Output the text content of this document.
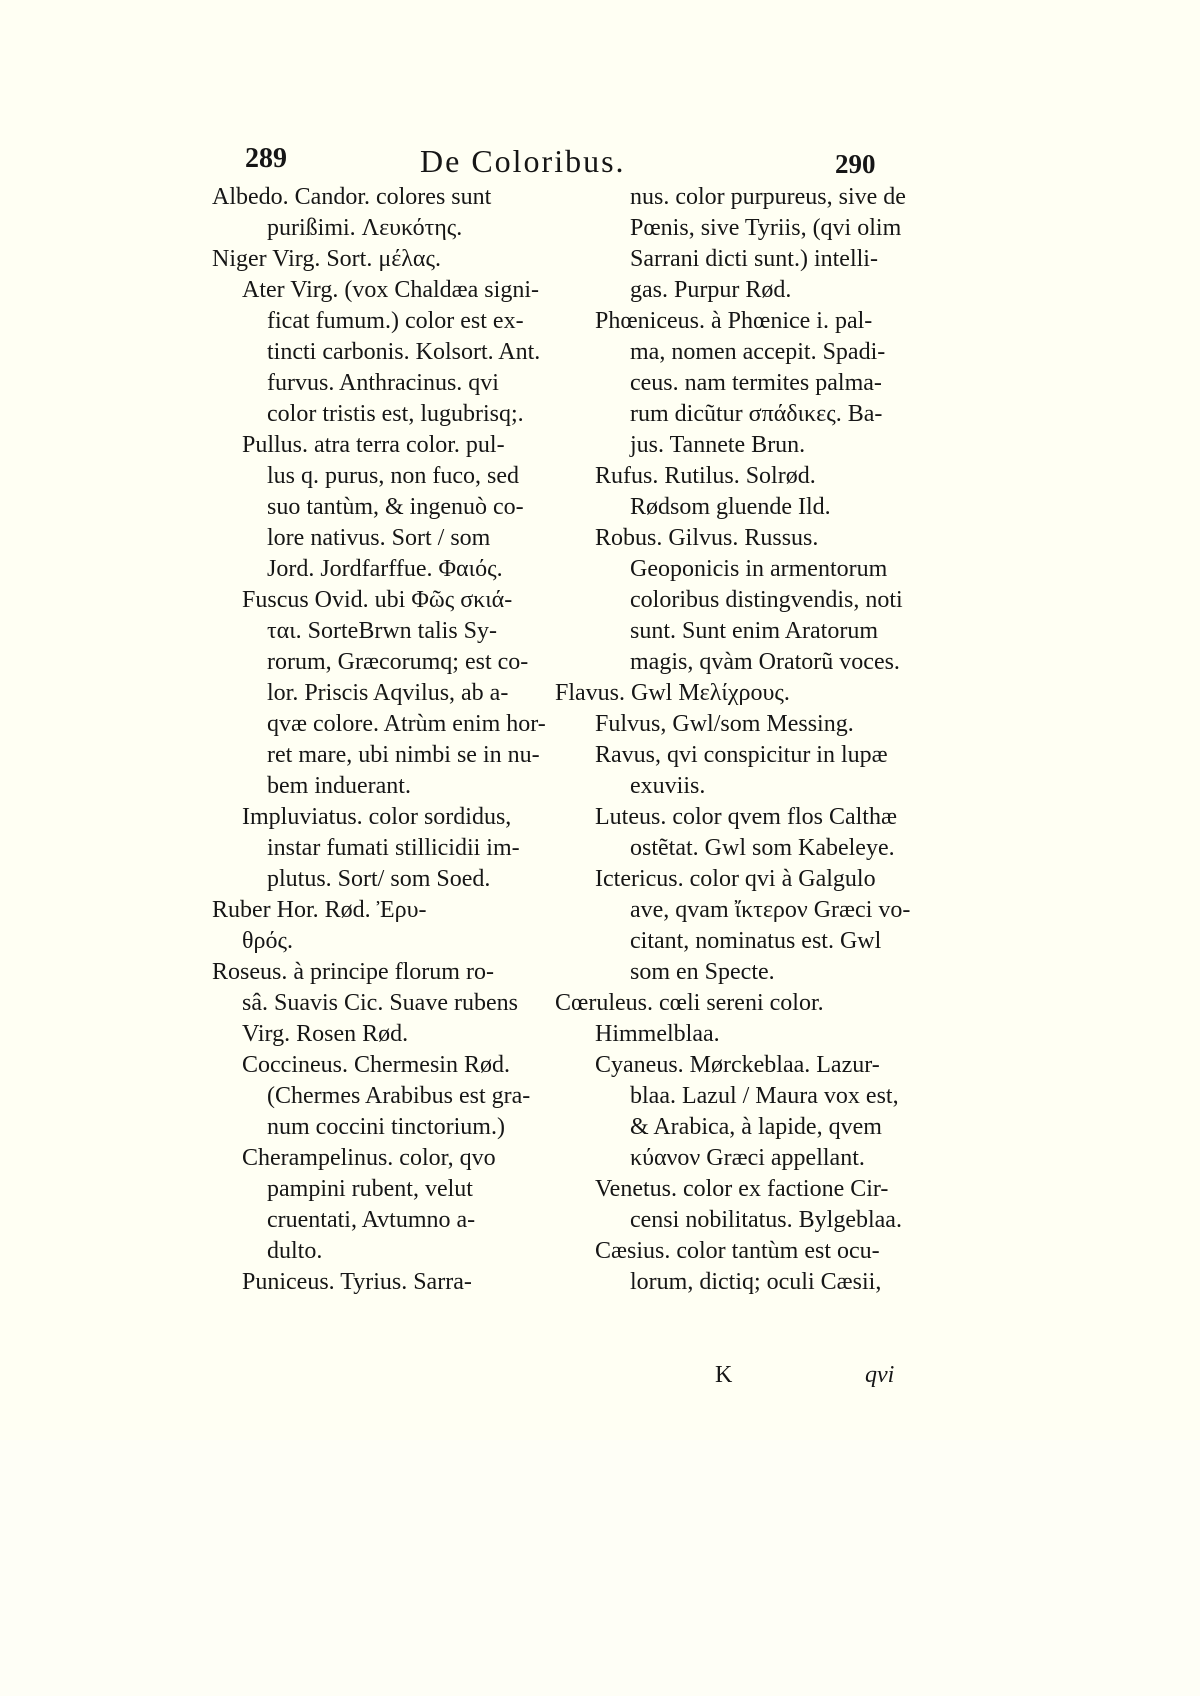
289	De Coloribus.	290
Albedo. Candor. colores sunt
purißimi. Λευκότης.
Niger Virg. Sort. μέλας.
Ater Virg. (vox Chaldæa signi-
ficat fumum.) color est ex-
tincti carbonis. Kolsort. Ant.
furvus. Anthracinus. qvi
color tristis est, lugubrisq;.
Pullus. atra terra color. pul-
lus q. purus, non fuco, sed
suo tantùm, & ingenuò co-
lore nativus. Sort / som
Jord. Jordfarffue. Φαιός.
Fuscus Ovid. ubi Φῶς σκιά-
ται. SorteBrwn talis Sy-
rorum, Græcorumq; est co-
lor. Priscis Aqvilus, ab a-
qvæ colore. Atrùm enim hor-
ret mare, ubi nimbi se in nu-
bem induerant.
Impluviatus. color sordidus,
instar fumati stillicidii im-
plutus. Sort/ som Soed.
Ruber Hor. Rød. Ἐρυ-
θρός.
Roseus. à principe florum ro-
sâ. Suavis Cic. Suave rubens
Virg. Rosen Rød.
Coccineus. Chermesin Rød.
(Chermes Arabibus est gra-
num coccini tinctorium.)
Cherampelinus. color, qvo
pampini rubent, velut
cruentati, Avtumno a-
dulto.
Puniceus. Tyrius. Sarra-
nus. color purpureus, sive de
Pœnis, sive Tyriis, (qvi olim
Sarrani dicti sunt.) intelli-
gas. Purpur Rød.
Phœniceus. à Phœnice i. pal-
ma, nomen accepit. Spadi-
ceus. nam termites palma-
rum dicũtur σπάδικες. Ba-
jus. Tannete Brun.
Rufus. Rutilus. Solrød.
Rødsom gluende Ild.
Robus. Gilvus. Russus.
Geoponicis in armentorum
coloribus distingvendis, noti
sunt. Sunt enim Aratorum
magis, qvàm Oratorũ voces.
Flavus. Gwl Μελίχρους.
Fulvus, Gwl/som Messing.
Ravus, qvi conspicitur in lupæ
exuviis.
Luteus. color qvem flos Calthæ
ostẽtat. Gwl som Kabeleye.
Ictericus. color qvi à Galgulo
ave, qvam ἴκτερον Græci vo-
citant, nominatus est. Gwl
som en Specte.
Cœruleus. cœli sereni color.
Himmelblaa.
Cyaneus. Mørckeblaa. Lazur-
blaa. Lazul / Maura vox est,
& Arabica, à lapide, qvem
κύανον Græci appellant.
Venetus. color ex factione Cir-
censi nobilitatus. Bylgeblaa.
Cæsius. color tantùm est ocu-
lorum, dictiq; oculi Cæsii,
K	qvi
